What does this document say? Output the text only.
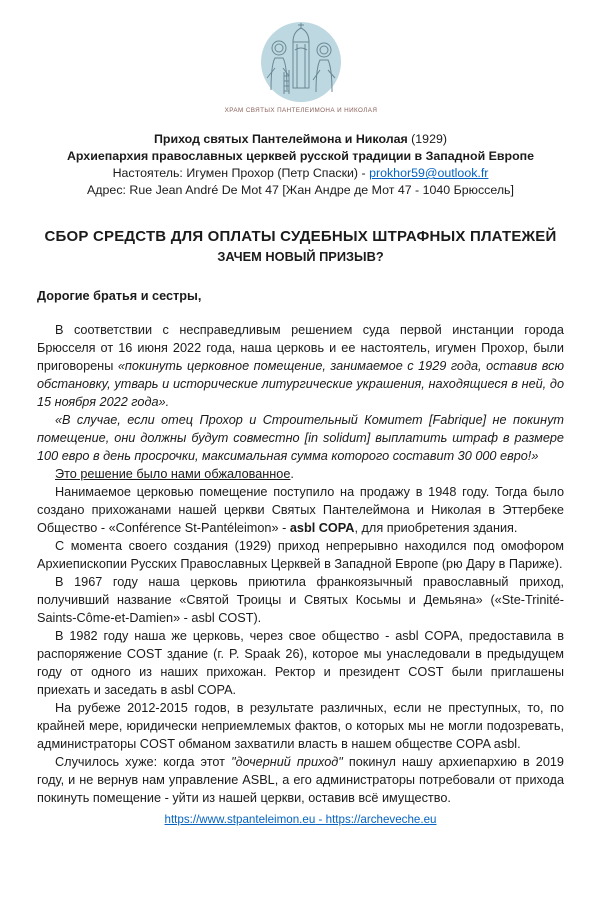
ХРАМ СВЯТЫХ ПАНТЕЛЕИМОНА И НИКОЛАЯ
Приход святых Пантелеймона и Николая (1929)
Архиепархия православных церквей русской традиции в Западной Европе
Настоятель: Игумен Прохор (Петр Спаски) - prokhor59@outlook.fr
Адрес: Rue Jean André De Mot 47 [Жан Андре де Мот 47 - 1040 Брюссель]
СБОР СРЕДСТВ ДЛЯ ОПЛАТЫ СУДЕБНЫХ ШТРАФНЫХ ПЛАТЕЖЕЙ
ЗАЧЕМ НОВЫЙ ПРИЗЫВ?

Дорогие братья и сестры,

В соответствии с несправедливым решением суда первой инстанции города Брюсселя от 16 июня 2022 года, наша церковь и ее настоятель, игумен Прохор, были приговорены «покинуть церковное помещение, занимаемое с 1929 года, оставив всю обстановку, утварь и исторические литургические украшения, находящиеся в ней, до 15 ноября 2022 года».

«В случае, если отец Прохор и Строительный Комитет [Fabrique] не покинут помещение, они должны будут совместно [in solidum] выплатить штраф в размере 100 евро в день просрочки, максимальная сумма которого составит 30 000 евро!»

Это решение было нами обжалованное.

Нанимаемое церковью помещение поступило на продажу в 1948 году. Тогда было создано прихожанами нашей церкви Святых Пантелеймона и Николая в Эттербеке Общество - «Conférence St-Pantéleimon» - asbl COPA, для приобретения здания.

С момента своего создания (1929) приход непрерывно находился под омофором Архиепископии Русских Православных Церквей в Западной Европе (рю Дару в Париже).

В 1967 году наша церковь приютила франкоязычный православный приход, получивший название «Святой Троицы и Святых Косьмы и Демьяна» («Ste-Trinité-Saints-Côme-et-Damien» - asbl COST).

В 1982 году наша же церковь, через свое общество - asbl COPA, предоставила в распоряжение COST здание (г. P. Spaak 26), которое мы унаследовали в предыдущем году от одного из наших прихожан. Ректор и президент COST были приглашены приехать и заседать в asbl COPA.

На рубеже 2012-2015 годов, в результате различных, если не преступных, то, по крайней мере, юридически неприемлемых фактов, о которых мы не могли подозревать, администраторы COST обманом захватили власть в нашем обществе COPA asbl.

Случилось хуже: когда этот "дочерний приход" покинул нашу архиепархию в 2019 году, и не вернув нам управление ASBL, а его администраторы потребовали от прихода покинуть помещение - уйти из нашей церкви, оставив всё имущество.

https://www.stpanteleimon.eu - https://archeveche.eu
